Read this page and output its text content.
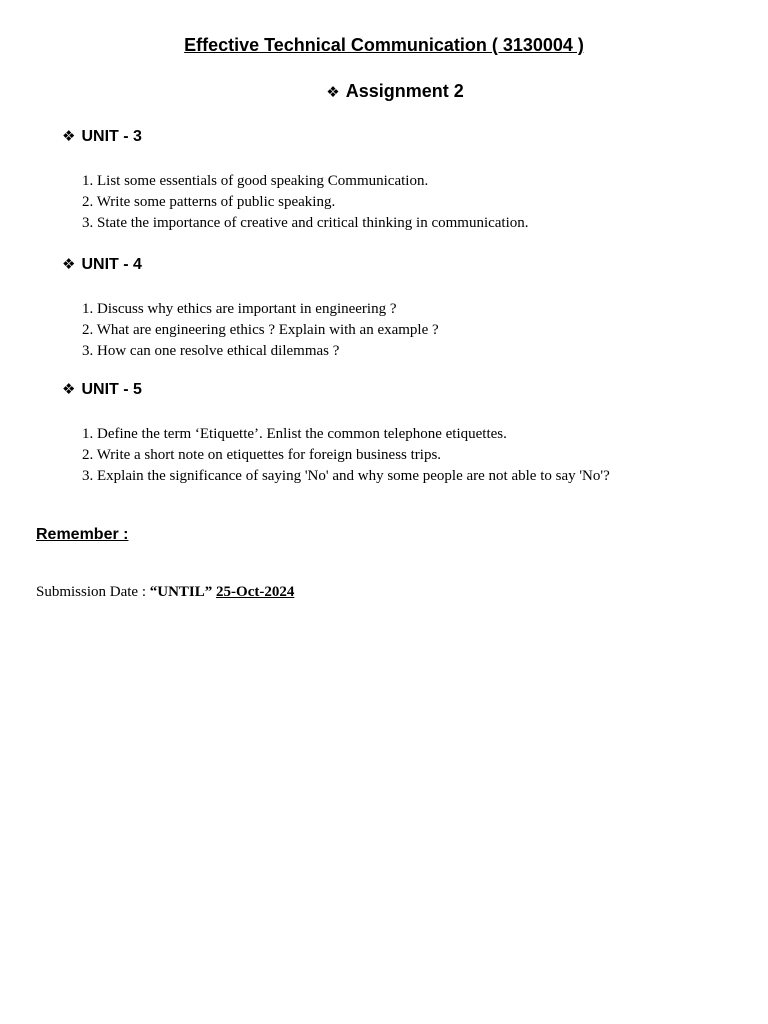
Effective Technical Communication ( 3130004 )
❖ Assignment 2
❖ UNIT - 3
1. List some essentials of good speaking Communication.
2. Write some patterns of public speaking.
3. State the importance of creative and critical thinking in communication.
❖ UNIT - 4
1. Discuss why ethics are important in engineering ?
2. What are engineering ethics ? Explain with an example ?
3. How can one resolve ethical dilemmas ?
❖ UNIT - 5
1. Define the term ‘Etiquette’. Enlist the common telephone etiquettes.
2. Write a short note on etiquettes for foreign business trips.
3. Explain the significance of saying 'No' and why some people are not able to say 'No'?

Remember :

Submission Date : “UNTIL” 25-Oct-2024
